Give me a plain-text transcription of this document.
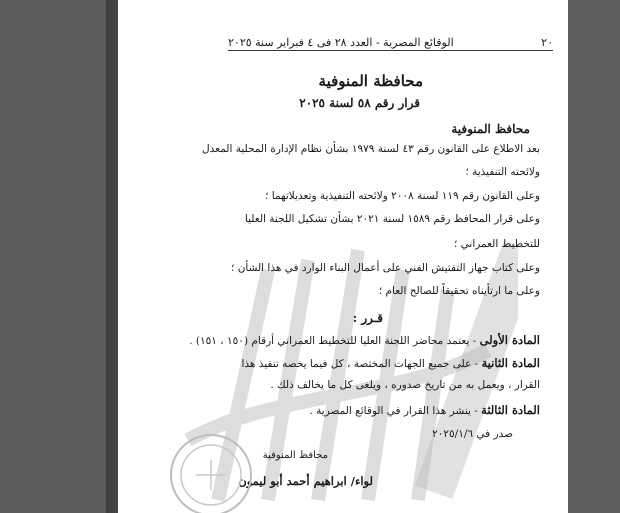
٢٠
الوقائع المصرية - العدد ٢٨ فى ٤ فبراير سنة ٢٠٢٥
محافظة المنوفية
قرار رقم ٥٨ لسنة ٢٠٢٥
محافظ المنوفية
بعد الاطلاع على القانون رقم ٤٣ لسنة ١٩٧٩ بشأن نظام الإدارة المحلية المعدل
ولائحته التنفيذية ؛
وعلى القانون رقم ١١٩ لسنة ٢٠٠٨ ولائحته التنفيذية وتعديلاتهما ؛
وعلى قرار المحافظ رقم ١٥٨٩ لسنة ٢٠٢١ بشأن تشكيل اللجنة العليا
للتخطيط العمراني ؛
وعلى كتاب جهاز التفتيش الفني على أعمال البناء الوارد في هذا الشأن ؛
وعلى ما ارتأيناه تحقيقاً للصالح العام ؛
قـرر :
المادة الأولى - يعتمد محاضر اللجنة العليا للتخطيط العمراني أرقام (١٥٠ ، ١٥١) .
المادة الثانية - على جميع الجهات المختصة ، كل فيما يخصه تنفيذ هذا
القرار ، ويعمل به من تاريخ صدوره ، ويلغى كل ما يخالف ذلك .
المادة الثالثة - ينشر هذا القرار في الوقائع المصرية .
صدر في ٢٠٢٥/١/٦
محافظ المنوفية
لواء/ ابراهيم أحمد أبو ليمون
